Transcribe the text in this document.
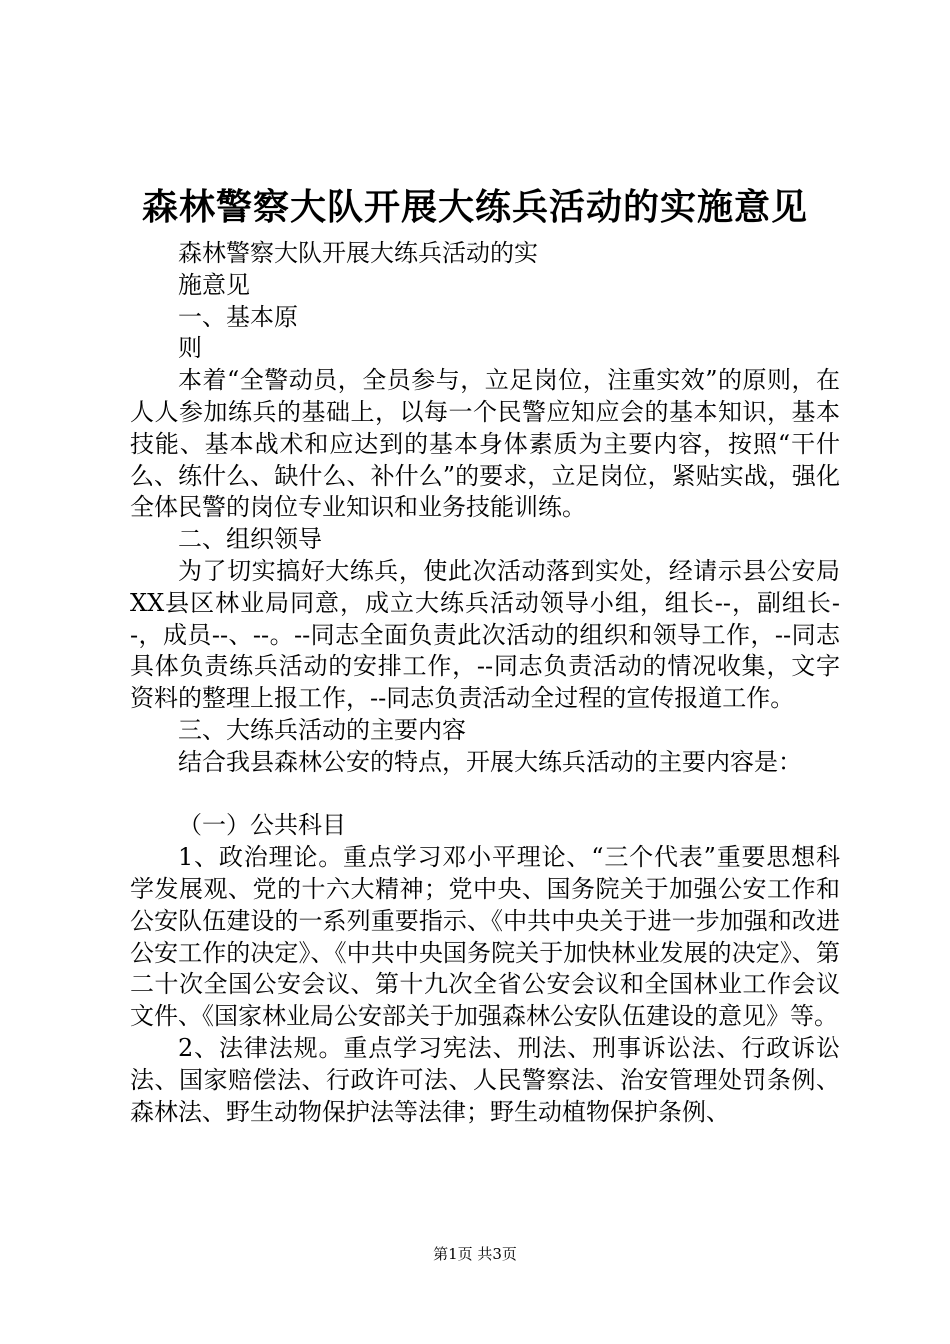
森林警察大队开展大练兵活动的实施意见

森林警察大队开展大练兵活动的实

施意见

一、基本原

则

本着“全警动员，全员参与，立足岗位，注重实效”的原则，在人人参加练兵的基础上，以每一个民警应知应会的基本知识，基本技能、基本战术和应达到的基本身体素质为主要内容，按照“干什么、练什么、缺什么、补什么”的要求，立足岗位，紧贴实战，强化全体民警的岗位专业知识和业务技能训练。

二、组织领导

为了切实搞好大练兵，使此次活动落到实处，经请示县公安局XX县区林业局同意，成立大练兵活动领导小组，组长--，副组长--，成员--、--。--同志全面负责此次活动的组织和领导工作，--同志具体负责练兵活动的安排工作，--同志负责活动的情况收集，文字资料的整理上报工作，--同志负责活动全过程的宣传报道工作。

三、大练兵活动的主要内容

结合我县森林公安的特点，开展大练兵活动的主要内容是：

（一）公共科目

1、政治理论。重点学习邓小平理论、“三个代表”重要思想科学发展观、党的十六大精神；党中央、国务院关于加强公安工作和公安队伍建设的一系列重要指示、《中共中央关于进一步加强和改进公安工作的决定》、《中共中央国务院关于加快林业发展的决定》、第二十次全国公安会议、第十九次全省公安会议和全国林业工作会议文件、《国家林业局公安部关于加强森林公安队伍建设的意见》等。

2、法律法规。重点学习宪法、刑法、刑事诉讼法、行政诉讼法、国家赔偿法、行政许可法、人民警察法、治安管理处罚条例、森林法、野生动物保护法等法律；野生动植物保护条例、

第1页 共3页
